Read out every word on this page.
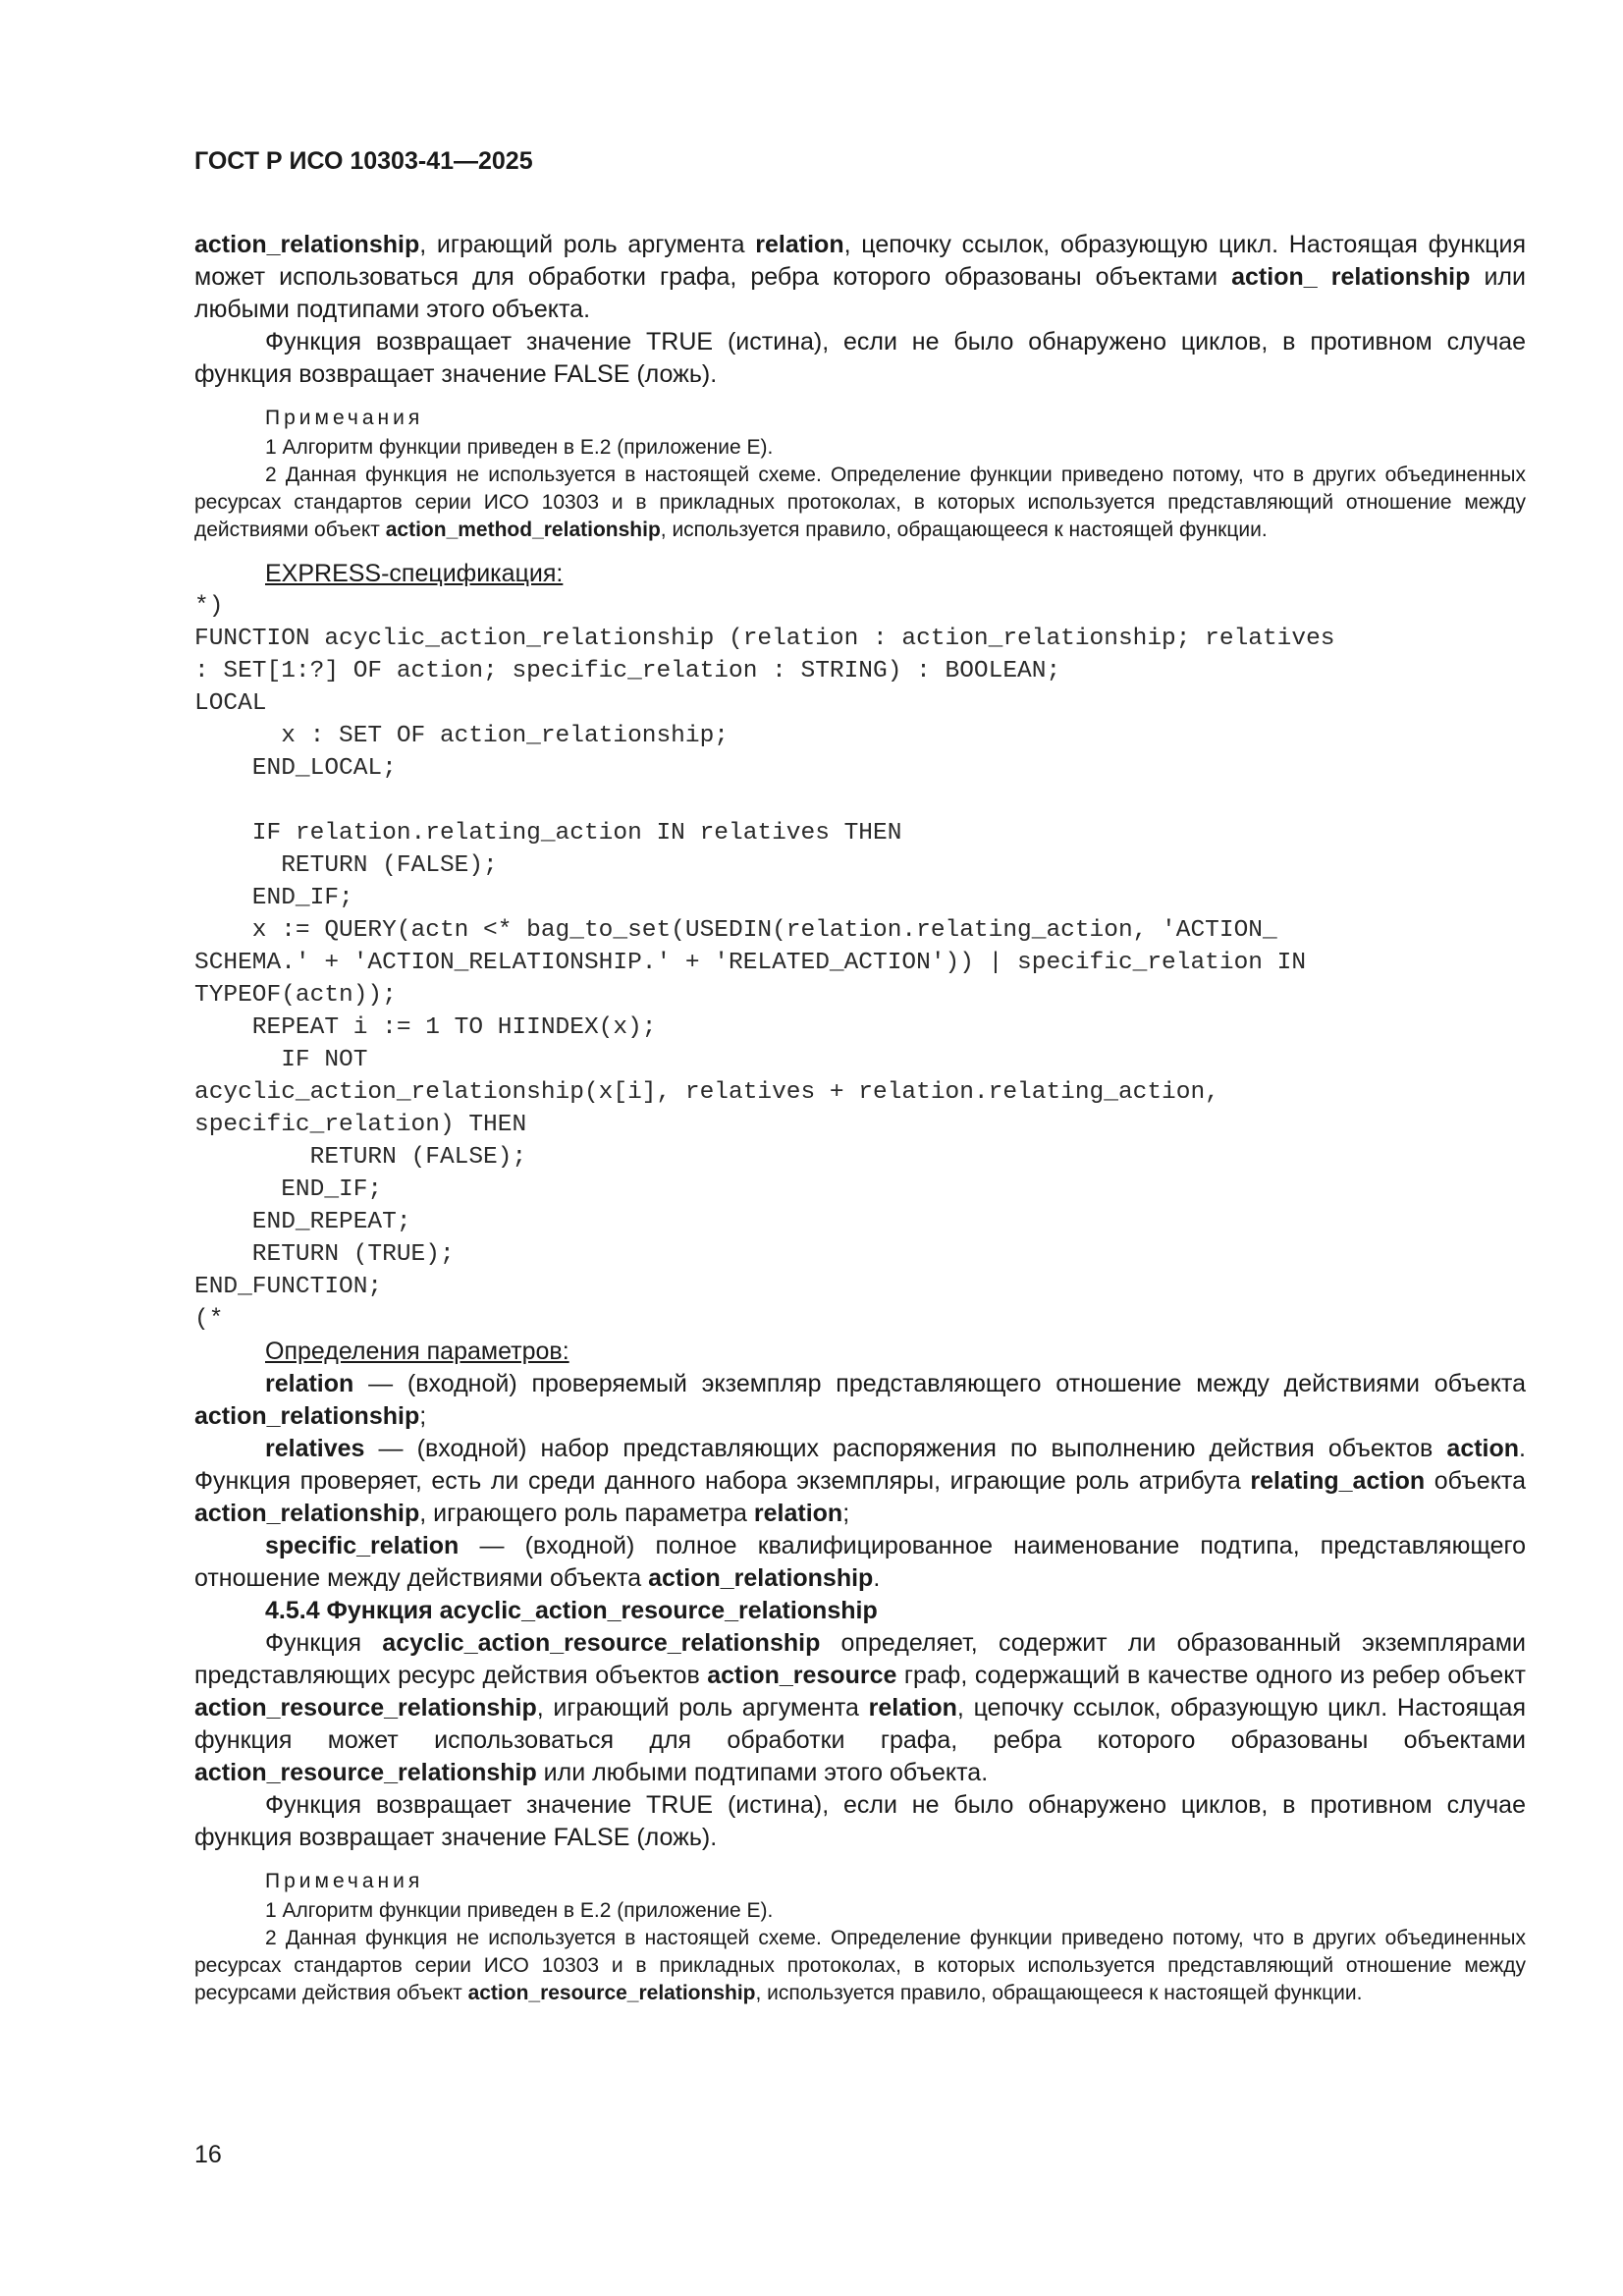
ГОСТ Р ИСО 10303-41—2025

action_relationship, играющий роль аргумента relation, цепочку ссылок, образующую цикл. Настоящая функция может использоваться для обработки графа, ребра которого образованы объектами action_ relationship или любыми подтипами этого объекта.

Функция возвращает значение TRUE (истина), если не было обнаружено циклов, в противном случае функция возвращает значение FALSE (ложь).

Примечания

1 Алгоритм функции приведен в Е.2 (приложение Е).

2 Данная функция не используется в настоящей схеме. Определение функции приведено потому, что в других объединенных ресурсах стандартов серии ИСО 10303 и в прикладных протоколах, в которых используется представляющий отношение между действиями объект action_method_relationship, используется правило, обращающееся к настоящей функции.

EXPRESS-спецификация:
*)
FUNCTION acyclic_action_relationship (relation : action_relationship; relatives
: SET[1:?] OF action; specific_relation : STRING) : BOOLEAN;
LOCAL
x : SET OF action_relationship;
END_LOCAL;

IF relation.relating_action IN relatives THEN
RETURN (FALSE);
END_IF;
x := QUERY(actn <* bag_to_set(USEDIN(relation.relating_action, 'ACTION_
SCHEMA.' + 'ACTION_RELATIONSHIP.' + 'RELATED_ACTION')) | specific_relation IN
TYPEOF(actn));
REPEAT i := 1 TO HIINDEX(x);
IF NOT
acyclic_action_relationship(x[i], relatives + relation.relating_action,
specific_relation) THEN
RETURN (FALSE);
END_IF;
END_REPEAT;
RETURN (TRUE);
END_FUNCTION;
(*
Определения параметров:

relation — (входной) проверяемый экземпляр представляющего отношение между действиями объекта action_relationship;

relatives — (входной) набор представляющих распоряжения по выполнению действия объектов action. Функция проверяет, есть ли среди данного набора экземпляры, играющие роль атрибута relating_action объекта action_relationship, играющего роль параметра relation;

specific_relation — (входной) полное квалифицированное наименование подтипа, представляющего отношение между действиями объекта action_relationship.

4.5.4 Функция acyclic_action_resource_relationship

Функция acyclic_action_resource_relationship определяет, содержит ли образованный экземплярами представляющих ресурс действия объектов action_resource граф, содержащий в качестве одного из ребер объект action_resource_relationship, играющий роль аргумента relation, цепочку ссылок, образующую цикл. Настоящая функция может использоваться для обработки графа, ребра которого образованы объектами action_resource_relationship или любыми подтипами этого объекта.

Функция возвращает значение TRUE (истина), если не было обнаружено циклов, в противном случае функция возвращает значение FALSE (ложь).

Примечания

1 Алгоритм функции приведен в Е.2 (приложение Е).

2 Данная функция не используется в настоящей схеме. Определение функции приведено потому, что в других объединенных ресурсах стандартов серии ИСО 10303 и в прикладных протоколах, в которых используется представляющий отношение между ресурсами действия объект action_resource_relationship, используется правило, обращающееся к настоящей функции.

16
